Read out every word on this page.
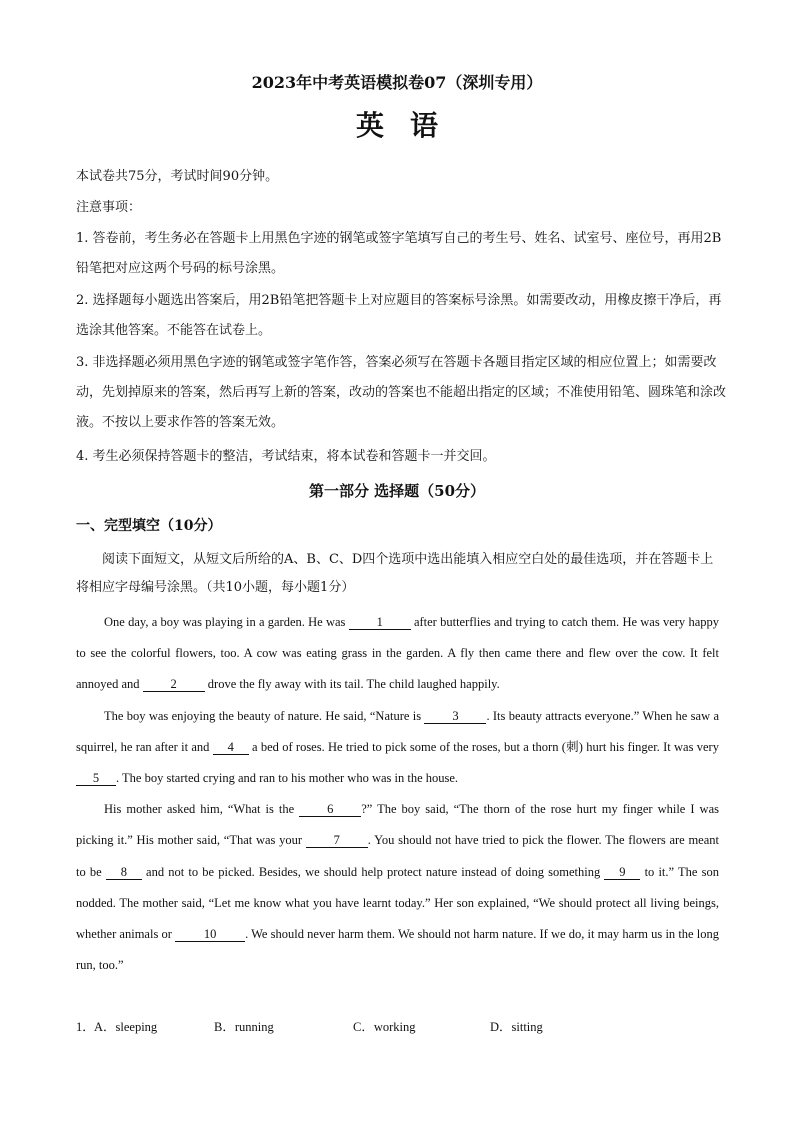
2023年中考英语模拟卷07（深圳专用）
英语
本试卷共75分，考试时间90分钟。
注意事项：
1. 答卷前，考生务必在答题卡上用黑色字迹的钢笔或签字笔填写自己的考生号、姓名、试室号、座位号，再用2B铅笔把对应这两个号码的标号涂黑。
2. 选择题每小题选出答案后，用2B铅笔把答题卡上对应题目的答案标号涂黑。如需要改动，用橡皮擦干净后，再选涂其他答案。不能答在试卷上。
3. 非选择题必须用黑色字迹的钢笔或签字笔作答，答案必须写在答题卡各题目指定区域的相应位置上；如需要改动，先划掉原来的答案，然后再写上新的答案，改动的答案也不能超出指定的区域；不准使用铅笔、圆珠笔和涂改液。不按以上要求作答的答案无效。
4. 考生必须保持答题卡的整洁，考试结束，将本试卷和答题卡一并交回。
第一部分 选择题（50分）
一、完型填空（10分）
阅读下面短文，从短文后所给的A、B、C、D四个选项中选出能填入相应空白处的最佳选项，并在答题卡上将相应字母编号涂黑。（共10小题，每小题1分）

One day, a boy was playing in a garden. He was 1 after butterflies and trying to catch them. He was very happy to see the colorful flowers, too. A cow was eating grass in the garden. A fly then came there and flew over the cow. It felt annoyed and 2 drove the fly away with its tail. The child laughed happily.

The boy was enjoying the beauty of nature. He said, “Nature is 3 . Its beauty attracts everyone.” When he saw a squirrel, he ran after it and 4 a bed of roses. He tried to pick some of the roses, but a thorn (刺) hurt his finger. It was very 5 . The boy started crying and ran to his mother who was in the house.

His mother asked him, “What is the 6 ?” The boy said, “The thorn of the rose hurt my finger while I was picking it.” His mother said, “That was your 7 . You should not have tried to pick the flower. The flowers are meant to be 8 and not to be picked. Besides, we should help protect nature instead of doing something 9 to it.” The son nodded. The mother said, “Let me know what you have learnt today.” Her son explained, “We should protect all living beings, whether animals or 10 . We should never harm them. We should not harm nature. If we do, it may harm us in the long run, too.”

1． A．sleeping	B．running	C．working	D．sitting
